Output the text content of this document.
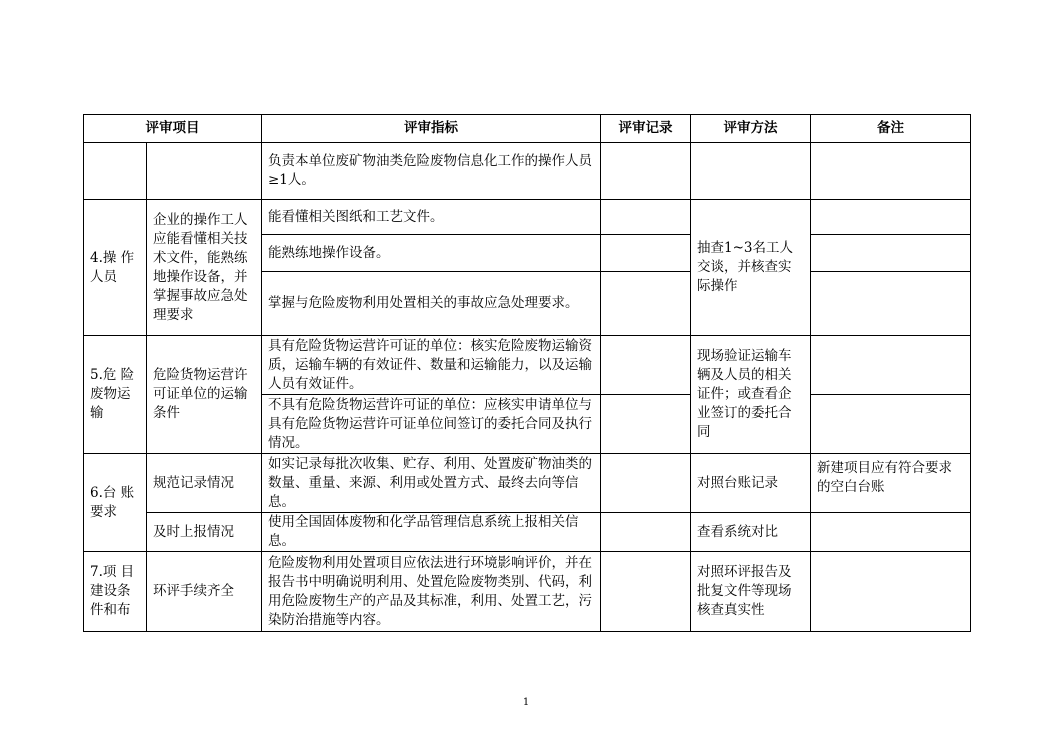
评审项目		评审指标	评审记录	评审方法	备注
		负责本单位废矿物油类危险废物信息化工作的操作人员≥1人。			
4.操 作人员	企业的操作工人应能看懂相关技术文件，能熟练地操作设备，并掌握事故应急处理要求	能看懂相关图纸和工艺文件。		抽查1~3名工人交谈，并核查实际操作	
		能熟练地操作设备。			
		掌握与危险废物利用处置相关的事故应急处理要求。			
5.危 险废物运输	危险货物运营许可证单位的运输条件	具有危险货物运营许可证的单位：核实危险废物运输资质，运输车辆的有效证件、数量和运输能力，以及运输人员有效证件。		现场验证运输车辆及人员的相关证件；或查看企业签订的委托合同	
		不具有危险货物运营许可证的单位：应核实申请单位与具有危险货物运营许可证单位间签订的委托合同及执行情况。			
6.台 账要求	规范记录情况	如实记录每批次收集、贮存、利用、处置废矿物油类的数量、重量、来源、利用或处置方式、最终去向等信息。		对照台账记录	新建项目应有符合要求的空白台账
	及时上报情况	使用全国固体废物和化学品管理信息系统上报相关信息。		查看系统对比	
7.项 目建设条件和布	环评手续齐全	危险废物利用处置项目应依法进行环境影响评价，并在报告书中明确说明利用、处置危险废物类别、代码，利用危险废物生产的产品及其标准，利用、处置工艺，污染防治措施等内容。		对照环评报告及批复文件等现场核查真实性	
1
